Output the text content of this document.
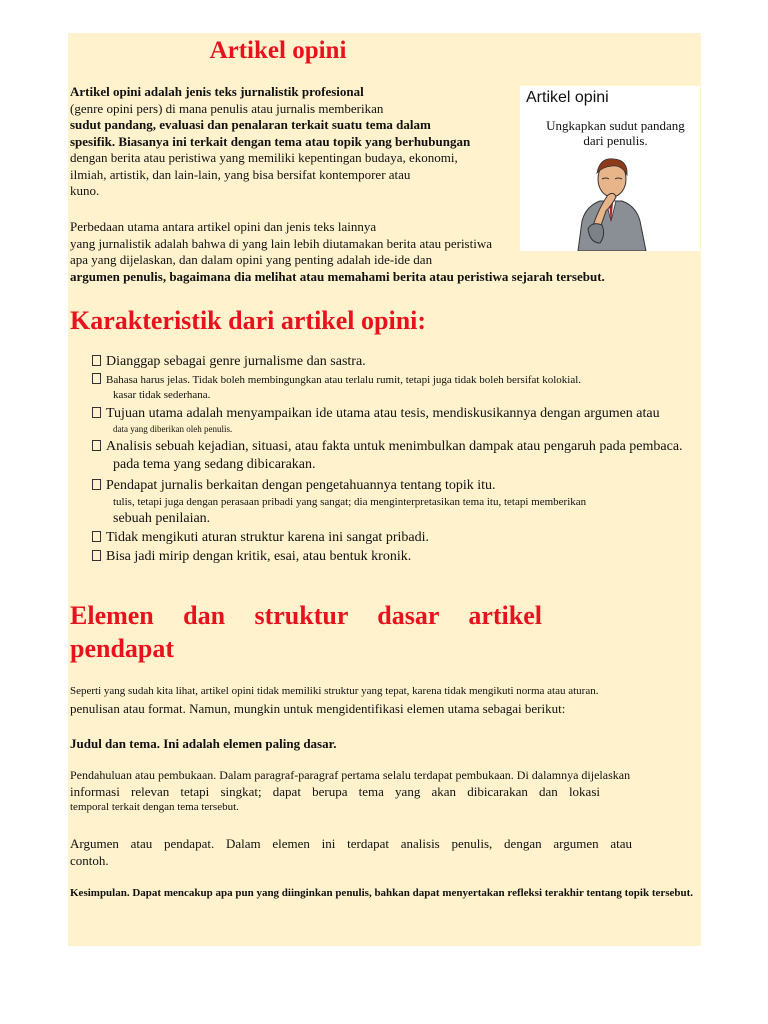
Artikel opini
Artikel opini adalah jenis teks jurnalistik profesional
(genre opini pers) di mana penulis atau jurnalis memberikan
sudut pandang, evaluasi dan penalaran terkait suatu tema dalam
spesifik. Biasanya ini terkait dengan tema atau topik yang berhubungan
dengan berita atau peristiwa yang memiliki kepentingan budaya, ekonomi,
ilmiah, artistik, dan lain-lain, yang bisa bersifat kontemporer atau
kuno.
Perbedaan utama antara artikel opini dan jenis teks lainnya
yang jurnalistik adalah bahwa di yang lain lebih diutamakan berita atau peristiwa
apa yang dijelaskan, dan dalam opini yang penting adalah ide-ide dan
argumen penulis, bagaimana dia melihat atau memahami berita atau peristiwa sejarah tersebut.
Artikel opini
Ungkapkan sudut pandang
dari penulis.
Karakteristik dari artikel opini:
Dianggap sebagai genre jurnalisme dan sastra.
Bahasa harus jelas. Tidak boleh membingungkan atau terlalu rumit, tetapi juga tidak boleh bersifat kolokial.
kasar tidak sederhana.
Tujuan utama adalah menyampaikan ide utama atau tesis, mendiskusikannya dengan argumen atau
data yang diberikan oleh penulis.
Analisis sebuah kejadian, situasi, atau fakta untuk menimbulkan dampak atau pengaruh pada pembaca.
pada tema yang sedang dibicarakan.
Pendapat jurnalis berkaitan dengan pengetahuannya tentang topik itu.
tulis, tetapi juga dengan perasaan pribadi yang sangat; dia menginterpretasikan tema itu, tetapi memberikan
sebuah penilaian.
Tidak mengikuti aturan struktur karena ini sangat pribadi.
Bisa jadi mirip dengan kritik, esai, atau bentuk kronik.
Elemen dan struktur dasar artikel
pendapat

Seperti yang sudah kita lihat, artikel opini tidak memiliki struktur yang tepat, karena tidak mengikuti norma atau aturan.

penulisan atau format. Namun, mungkin untuk mengidentifikasi elemen utama sebagai berikut:

Judul dan tema. Ini adalah elemen paling dasar.

Pendahuluan atau pembukaan. Dalam paragraf-paragraf pertama selalu terdapat pembukaan. Di dalamnya dijelaskan

informasi relevan tetapi singkat; dapat berupa tema yang akan dibicarakan dan lokasi

temporal terkait dengan tema tersebut.

Argumen atau pendapat. Dalam elemen ini terdapat analisis penulis, dengan argumen atau

contoh.

Kesimpulan. Dapat mencakup apa pun yang diinginkan penulis, bahkan dapat menyertakan refleksi terakhir tentang topik tersebut.
